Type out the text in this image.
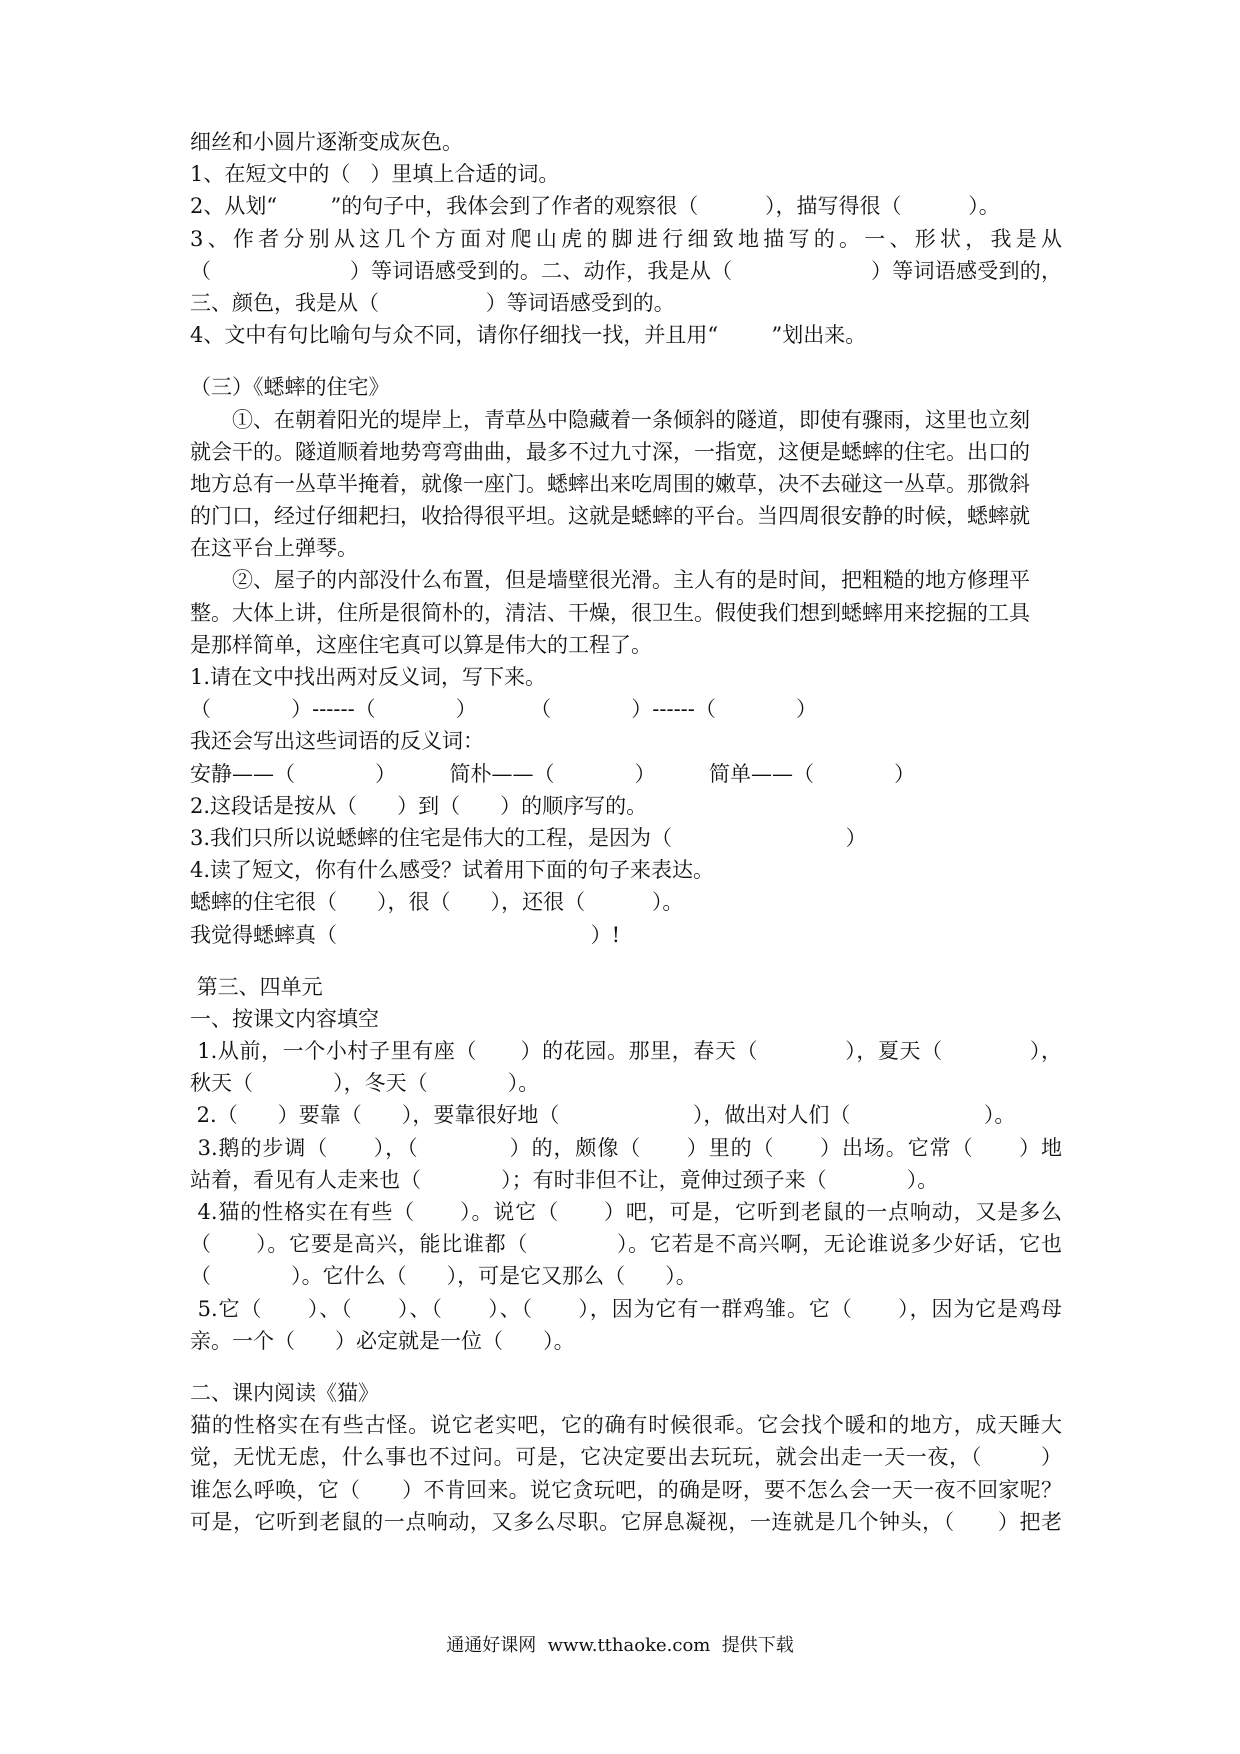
细丝和小圆片逐渐变成灰色。
1、在短文中的（   ）里填上合适的词。
2、从划“        ”的句子中，我体会到了作者的观察很（          ），描写得很（          ）。
3、作者分别从这几个方面对爬山虎的脚进行细致地描写的。一、形状，我是从
（                    ）等词语感受到的。二、动作，我是从（                    ）等词语感受到的，
三、颜色，我是从（                ）等词语感受到的。
4、文中有句比喻句与众不同，请你仔细找一找，并且用“        ”划出来。
（三）《蟋蟀的住宅》
①、在朝着阳光的堤岸上，青草丛中隐藏着一条倾斜的隧道，即使有骤雨，这里也立刻
就会干的。隧道顺着地势弯弯曲曲，最多不过九寸深，一指宽，这便是蟋蟀的住宅。出口的
地方总有一丛草半掩着，就像一座门。蟋蟀出来吃周围的嫩草，决不去碰这一丛草。那微斜
的门口，经过仔细耙扫，收拾得很平坦。这就是蟋蟀的平台。当四周很安静的时候，蟋蟀就
在这平台上弹琴。
②、屋子的内部没什么布置，但是墙壁很光滑。主人有的是时间，把粗糙的地方修理平
整。大体上讲，住所是很简朴的，清洁、干燥，很卫生。假使我们想到蟋蟀用来挖掘的工具
是那样简单，这座住宅真可以算是伟大的工程了。
1.请在文中找出两对反义词，写下来。
（            ）------（            ）        （            ）------（            ）
我还会写出这些词语的反义词：
安静——（            ）        简朴——（            ）        简单——（            ）
2.这段话是按从（      ）到（      ）的顺序写的。
3.我们只所以说蟋蟀的住宅是伟大的工程，是因为（                          ）
4.读了短文，你有什么感受？试着用下面的句子来表达。
蟋蟀的住宅很（      ），很（      ），还很（          ）。
我觉得蟋蟀真（                                      ）!
第三、四单元
一、按课文内容填空
1.从前，一个小村子里有座（      ）的花园。那里，春天（            ），夏天（            ），
秋天（            ），冬天（            ）。
2.（      ）要靠（      ），要靠很好地（                    ），做出对人们（                    ）。
3.鹅的步调（      ），（            ）的，颇像（      ）里的（      ）出场。它常（      ）地
站着，看见有人走来也（            ）；有时非但不让，竟伸过颈子来（            ）。
4.猫的性格实在有些（      ）。说它（      ）吧，可是，它听到老鼠的一点响动，又是多么
（      ）。它要是高兴，能比谁都（            ）。它若是不高兴啊，无论谁说多少好话，它也
（            ）。它什么（      ），可是它又那么（      ）。
5.它（      ）、（      ）、（      ）、（      ），因为它有一群鸡雏。它（      ），因为它是鸡母
亲。一个（      ）必定就是一位（      ）。
二、课内阅读《猫》
猫的性格实在有些古怪。说它老实吧，它的确有时候很乖。它会找个暖和的地方，成天睡大
觉，无忧无虑，什么事也不过问。可是，它决定要出去玩玩，就会出走一天一夜，（        ）
谁怎么呼唤，它（      ）不肯回来。说它贪玩吧，的确是呀，要不怎么会一天一夜不回家呢？
可是，它听到老鼠的一点响动，又多么尽职。它屏息凝视，一连就是几个钟头，（      ）把老
通通好课网  www.tthaoke.com  提供下载
